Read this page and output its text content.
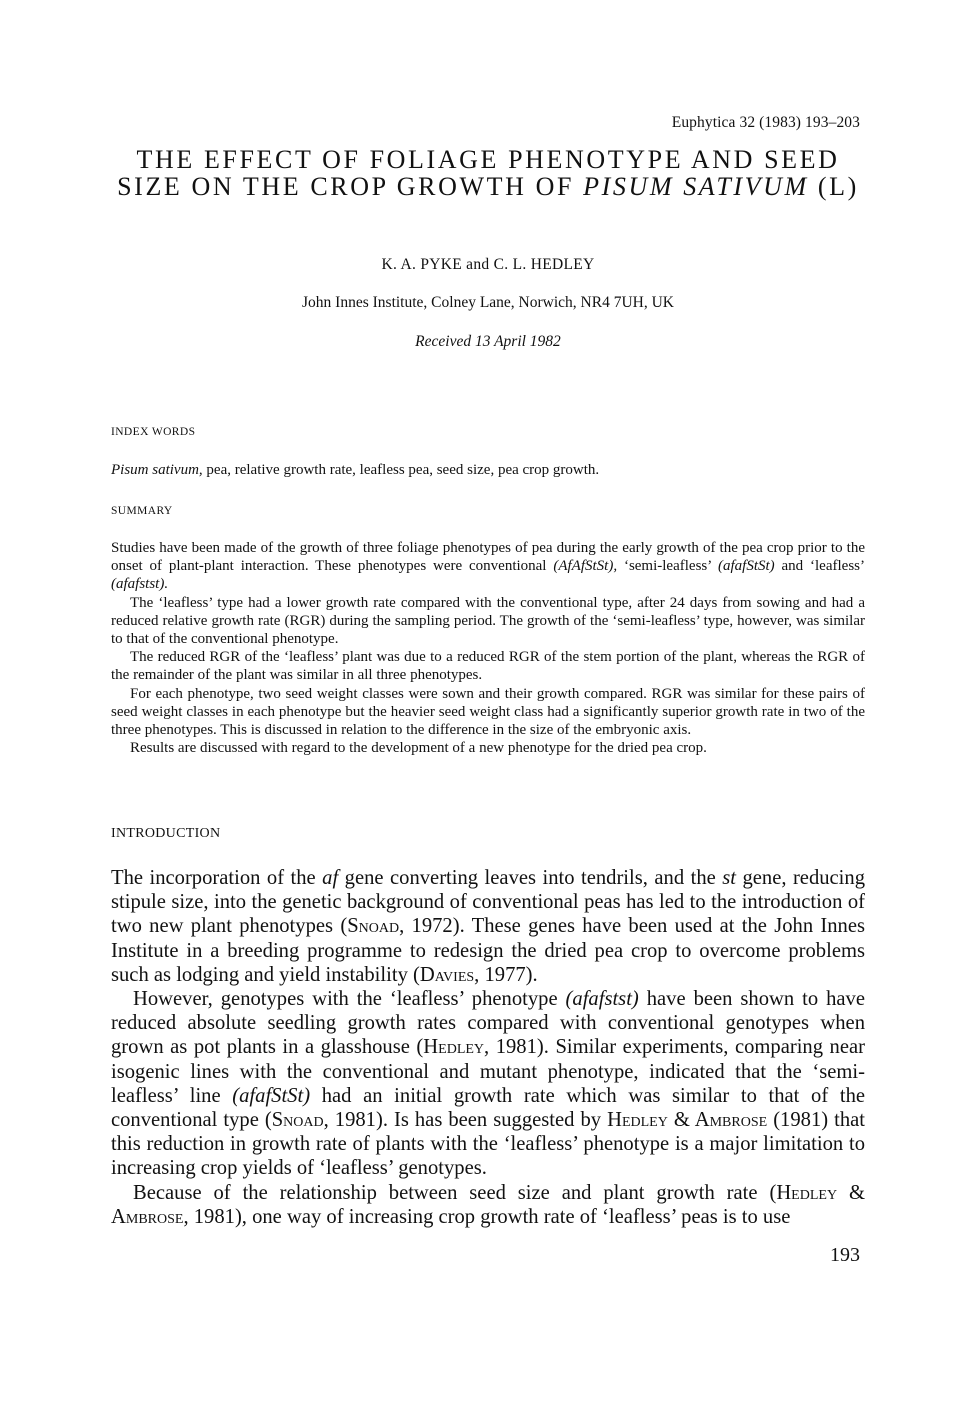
Euphytica 32 (1983) 193–203
THE EFFECT OF FOLIAGE PHENOTYPE AND SEED SIZE ON THE CROP GROWTH OF PISUM SATIVUM (L)
K. A. PYKE and C. L. HEDLEY
John Innes Institute, Colney Lane, Norwich, NR4 7UH, UK
Received 13 April 1982
INDEX WORDS
Pisum sativum, pea, relative growth rate, leafless pea, seed size, pea crop growth.
SUMMARY

Studies have been made of the growth of three foliage phenotypes of pea during the early growth of the pea crop prior to the onset of plant-plant interaction. These phenotypes were conventional (AfAfStSt), ‘semi-leafless’ (afafStSt) and ‘leafless’ (afafstst).

The ‘leafless’ type had a lower growth rate compared with the conventional type, after 24 days from sowing and had a reduced relative growth rate (RGR) during the sampling period. The growth of the ‘semi-leafless’ type, however, was similar to that of the conventional phenotype.

The reduced RGR of the ‘leafless’ plant was due to a reduced RGR of the stem portion of the plant, whereas the RGR of the remainder of the plant was similar in all three phenotypes.

For each phenotype, two seed weight classes were sown and their growth compared. RGR was similar for these pairs of seed weight classes in each phenotype but the heavier seed weight class had a significantly superior growth rate in two of the three phenotypes. This is discussed in relation to the difference in the size of the embryonic axis.

Results are discussed with regard to the development of a new phenotype for the dried pea crop.

INTRODUCTION

The incorporation of the af gene converting leaves into tendrils, and the st gene, reducing stipule size, into the genetic background of conventional peas has led to the introduction of two new plant phenotypes (Snoad, 1972). These genes have been used at the John Innes Institute in a breeding programme to redesign the dried pea crop to overcome problems such as lodging and yield instability (Davies, 1977).

However, genotypes with the ‘leafless’ phenotype (afafstst) have been shown to have reduced absolute seedling growth rates compared with conventional genotypes when grown as pot plants in a glasshouse (Hedley, 1981). Similar experiments, comparing near isogenic lines with the conventional and mutant phenotype, indicated that the ‘semi-leafless’ line (afafStSt) had an initial growth rate which was similar to that of the conventional type (Snoad, 1981). Is has been suggested by Hedley & Ambrose (1981) that this reduction in growth rate of plants with the ‘leafless’ phenotype is a major limitation to increasing crop yields of ‘leafless’ genotypes.

Because of the relationship between seed size and plant growth rate (Hedley & Ambrose, 1981), one way of increasing crop growth rate of ‘leafless’ peas is to use

193
